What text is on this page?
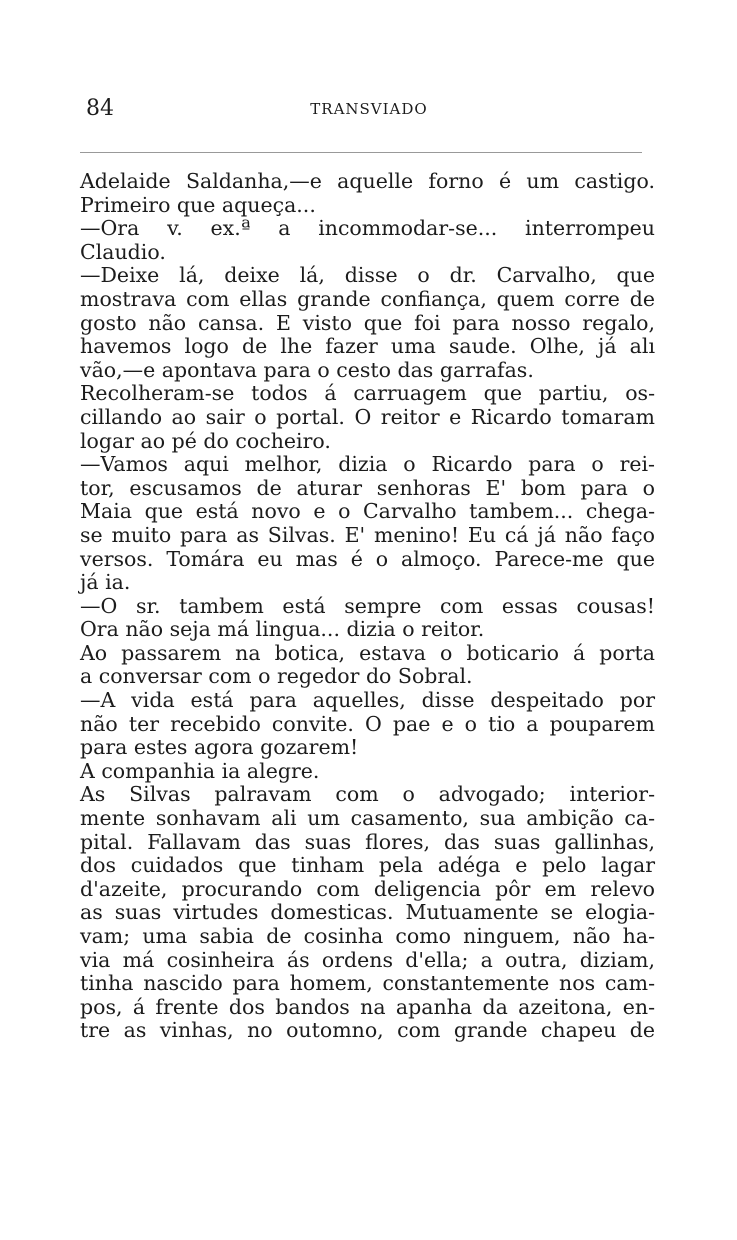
84	TRANSVIADO
Adelaide Saldanha,—e aquelle forno é um castigo.
Primeiro que aqueça...
—Ora v. ex.ª a incommodar-se... interrompeu
Claudio.
—Deixe lá, deixe lá, disse o dr. Carvalho, que
mostrava com ellas grande confiança, quem corre de
gosto não cansa. E visto que foi para nosso regalo,
havemos logo de lhe fazer uma saude. Olhe, já alı
vão,—e apontava para o cesto das garrafas.
Recolheram-se todos á carruagem que partiu, os-
cillando ao sair o portal. O reitor e Ricardo tomaram
logar ao pé do cocheiro.
—Vamos aqui melhor, dizia o Ricardo para o rei-
tor, escusamos de aturar senhoras E' bom para o
Maia que está novo e o Carvalho tambem... chega-
se muito para as Silvas. E' menino! Eu cá já não faço
versos. Tomára eu mas é o almoço. Parece-me que
já ia.
—O sr. tambem está sempre com essas cousas!
Ora não seja má lingua... dizia o reitor.
Ao passarem na botica, estava o boticario á porta
a conversar com o regedor do Sobral.
—A vida está para aquelles, disse despeitado por
não ter recebido convite. O pae e o tio a pouparem
para estes agora gozarem!
A companhia ia alegre.
As Silvas palravam com o advogado; interior-
mente sonhavam ali um casamento, sua ambição ca-
pital. Fallavam das suas flores, das suas gallinhas,
dos cuidados que tinham pela adéga e pelo lagar
d'azeite, procurando com deligencia pôr em relevo
as suas virtudes domesticas. Mutuamente se elogia-
vam; uma sabia de cosinha como ninguem, não ha-
via má cosinheira ás ordens d'ella; a outra, diziam,
tinha nascido para homem, constantemente nos cam-
pos, á frente dos bandos na apanha da azeitona, en-
tre as vinhas, no outomno, com grande chapeu de
